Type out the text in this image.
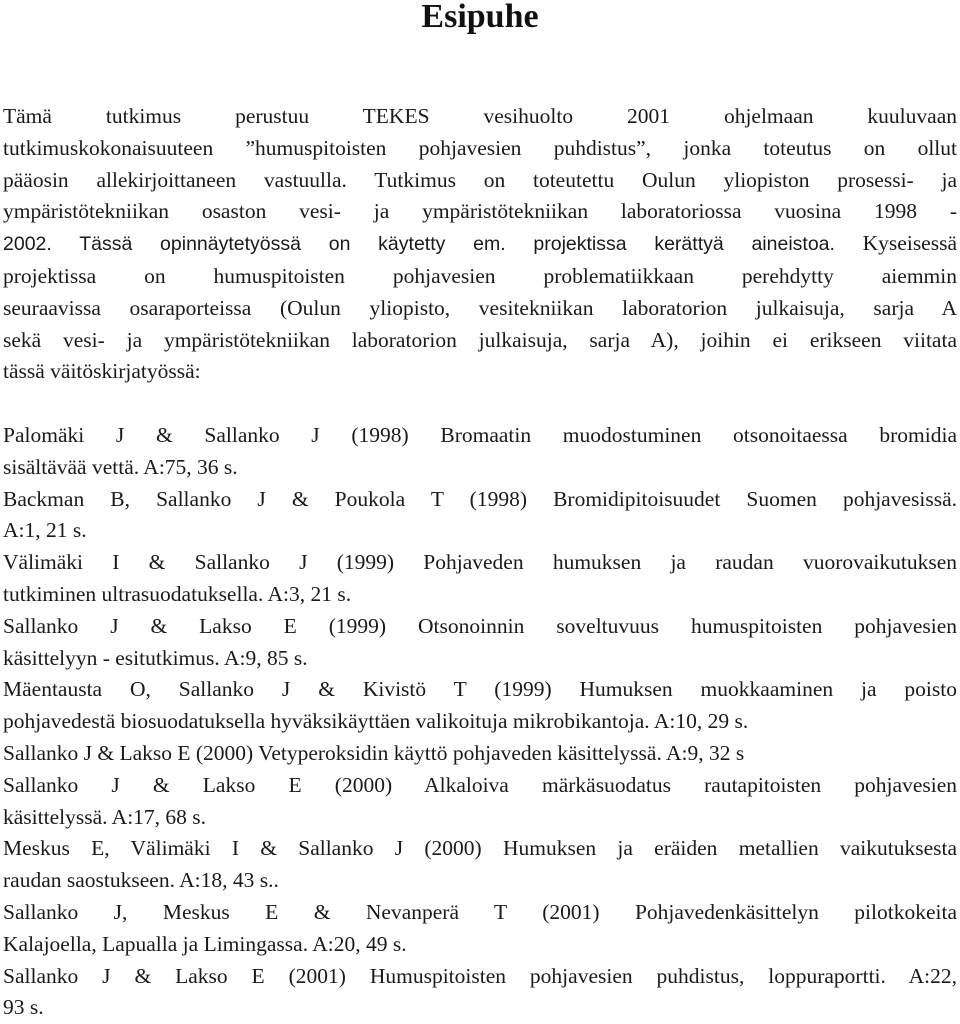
Esipuhe
Tämä tutkimus perustuu TEKES vesihuolto 2001 ohjelmaan kuuluvaan
tutkimuskokonaisuuteen ”humuspitoisten pohjavesien puhdistus”, jonka toteutus on ollut
pääosin allekirjoittaneen vastuulla. Tutkimus on toteutettu Oulun yliopiston prosessi- ja
ympäristötekniikan osaston vesi- ja ympäristötekniikan laboratoriossa vuosina 1998 -
2002. Tässä opinnäytetyössä on käytetty em. projektissa kerättyä aineistoa. Kyseisessä
projektissa on humuspitoisten pohjavesien problematiikkaan perehdytty aiemmin
seuraavissa osaraporteissa (Oulun yliopisto, vesitekniikan laboratorion julkaisuja, sarja A
sekä vesi- ja ympäristötekniikan laboratorion julkaisuja, sarja A), joihin ei erikseen viitata
tässä väitöskirjatyössä:
Palomäki J & Sallanko J (1998) Bromaatin muodostuminen otsonoitaessa bromidia
sisältävää vettä. A:75, 36 s.
Backman B, Sallanko J & Poukola T (1998) Bromidipitoisuudet Suomen pohjavesissä.
A:1, 21 s.
Välimäki I & Sallanko J (1999) Pohjaveden humuksen ja raudan vuorovaikutuksen
tutkiminen ultrasuodatuksella. A:3, 21 s.
Sallanko J & Lakso E (1999) Otsonoinnin soveltuvuus humuspitoisten pohjavesien
käsittelyyn - esitutkimus. A:9, 85 s.
Mäentausta O, Sallanko J & Kivistö T (1999) Humuksen muokkaaminen ja poisto
pohjavedestä biosuodatuksella hyväksikäyttäen valikoituja mikrobikantoja. A:10, 29 s.
Sallanko J & Lakso E (2000) Vetyperoksidin käyttö pohjaveden käsittelyssä. A:9, 32 s
Sallanko J & Lakso E (2000) Alkaloiva märkäsuodatus rautapitoisten pohjavesien
käsittelyssä. A:17, 68 s.
Meskus E, Välimäki I & Sallanko J (2000) Humuksen ja eräiden metallien vaikutuksesta
raudan saostukseen. A:18, 43 s..
Sallanko J, Meskus E & Nevanperä T (2001) Pohjavedenkäsittelyn pilotkokeita
Kalajoella, Lapualla ja Limingassa. A:20, 49 s.
Sallanko J & Lakso E (2001) Humuspitoisten pohjavesien puhdistus, loppuraportti. A:22,
93 s.
